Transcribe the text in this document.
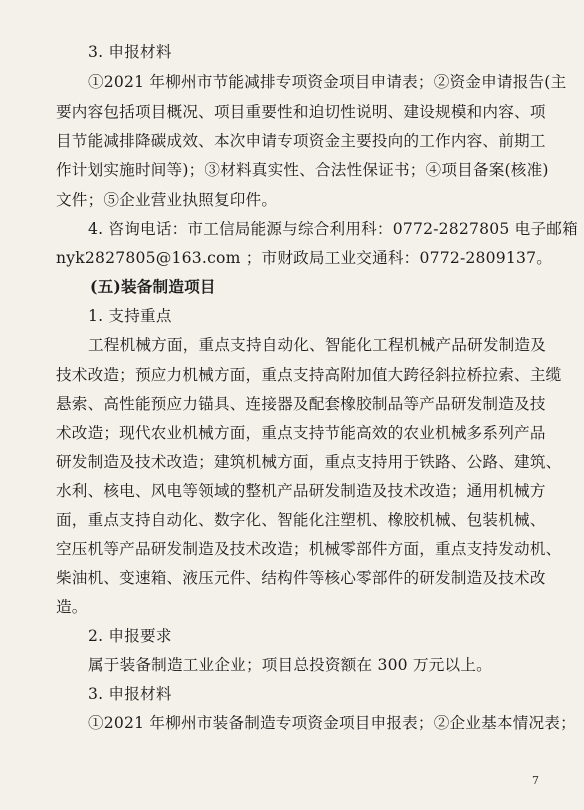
3. 申报材料
①2021 年柳州市节能减排专项资金项目申请表；②资金申请报告(主
要内容包括项目概况、项目重要性和迫切性说明、建设规模和内容、项
目节能减排降碳成效、本次申请专项资金主要投向的工作内容、前期工
作计划实施时间等)；③材料真实性、合法性保证书；④项目备案(核准)
文件；⑤企业营业执照复印件。
4. 咨询电话：市工信局能源与综合利用科：0772-2827805 电子邮箱
nyk2827805@163.com ；市财政局工业交通科：0772-2809137。
(五)装备制造项目
1. 支持重点
工程机械方面，重点支持自动化、智能化工程机械产品研发制造及
技术改造；预应力机械方面，重点支持高附加值大跨径斜拉桥拉索、主缆
悬索、高性能预应力锚具、连接器及配套橡胶制品等产品研发制造及技
术改造；现代农业机械方面，重点支持节能高效的农业机械多系列产品
研发制造及技术改造；建筑机械方面，重点支持用于铁路、公路、建筑、
水利、核电、风电等领域的整机产品研发制造及技术改造；通用机械方
面，重点支持自动化、数字化、智能化注塑机、橡胶机械、包装机械、
空压机等产品研发制造及技术改造；机械零部件方面，重点支持发动机、
柴油机、变速箱、液压元件、结构件等核心零部件的研发制造及技术改
造。
2. 申报要求
属于装备制造工业企业；项目总投资额在 300 万元以上。
3. 申报材料
①2021 年柳州市装备制造专项资金项目申报表；②企业基本情况表；
7
